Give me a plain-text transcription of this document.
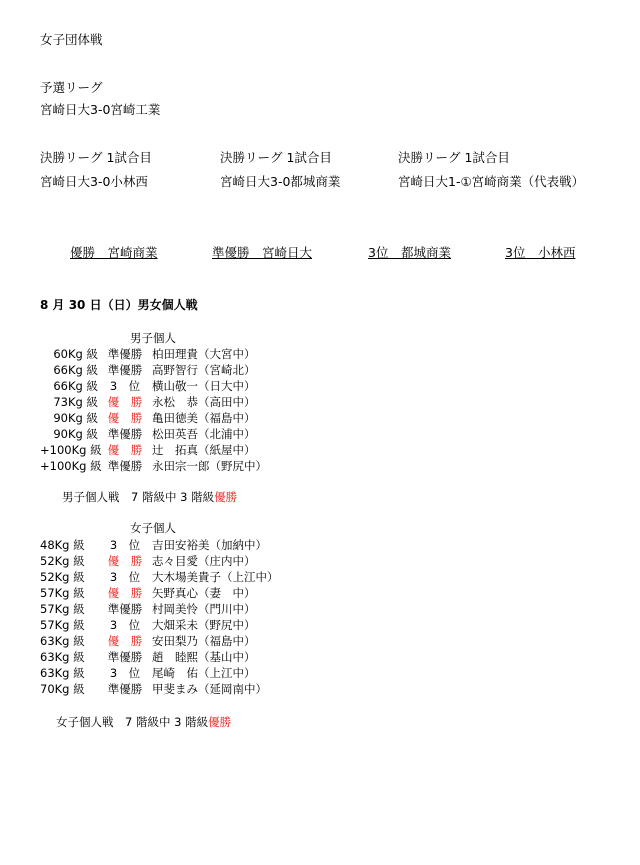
女子団体戦
予選リーグ
宮崎日大3-0宮崎工業
決勝リーグ 1試合目
宮崎日大3-0小林西
決勝リーグ 1試合目
宮崎日大3-0都城商業
決勝リーグ 1試合目
宮崎日大1-①宮崎商業（代表戦）
優勝　宮崎商業	準優勝　宮崎日大	3位　都城商業	3位　小林西
8 月 30 日（日）男女個人戦
男子個人
60Kg 級 準優勝 柏田理貴（大宮中）
66Kg 級 準優勝 高野智行（宮崎北）
66Kg 級 3　位 横山敬一（日大中）
73Kg 級 優　勝 永松　恭（高田中）
90Kg 級 優　勝 亀田徳美（福島中）
90Kg 級 準優勝 松田英吾（北浦中）
+100Kg 級 優　勝 辻　拓真（紙屋中）
+100Kg 級 準優勝 永田宗一郎（野尻中）
男子個人戦　7 階級中 3 階級優勝
女子個人
48Kg 級 3　位 吉田安裕美（加納中）
52Kg 級 優　勝 志々目愛（庄内中）
52Kg 級 3　位 大木場美貴子（上江中）
57Kg 級 優　勝 矢野真心（妻　中）
57Kg 級 準優勝 村岡美怜（門川中）
57Kg 級 3　位 大畑采未（野尻中）
63Kg 級 優　勝 安田梨乃（福島中）
63Kg 級 準優勝 趙　睦熙（基山中）
63Kg 級 3　位 尾崎　佑（上江中）
70Kg 級 準優勝 甲斐まみ（延岡南中）
女子個人戦　7 階級中 3 階級優勝
